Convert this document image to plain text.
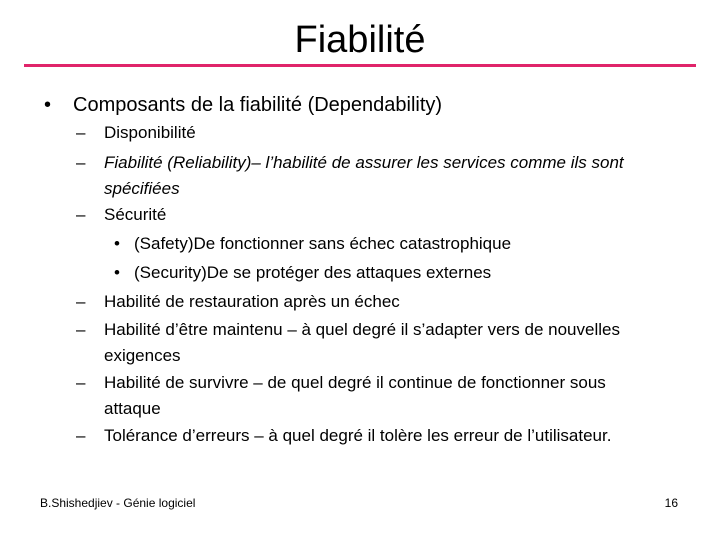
Fiabilité
• Composants de la fiabilité (Dependability)
– Disponibilité
– Fiabilité (Reliability)– l’habilité de assurer les services comme ils sont spécifiées
– Sécurité
• (Safety)De fonctionner sans échec catastrophique
• (Security)De se protéger des attaques externes
– Habilité de restauration après un échec
– Habilité d’être maintenu – à quel degré il s’adapter vers de nouvelles exigences
– Habilité de survivre – de quel degré il continue de fonctionner sous attaque
– Tolérance d’erreurs – à quel degré il tolère les erreur de l’utilisateur.
B.Shishedjiev - Génie logiciel	16
